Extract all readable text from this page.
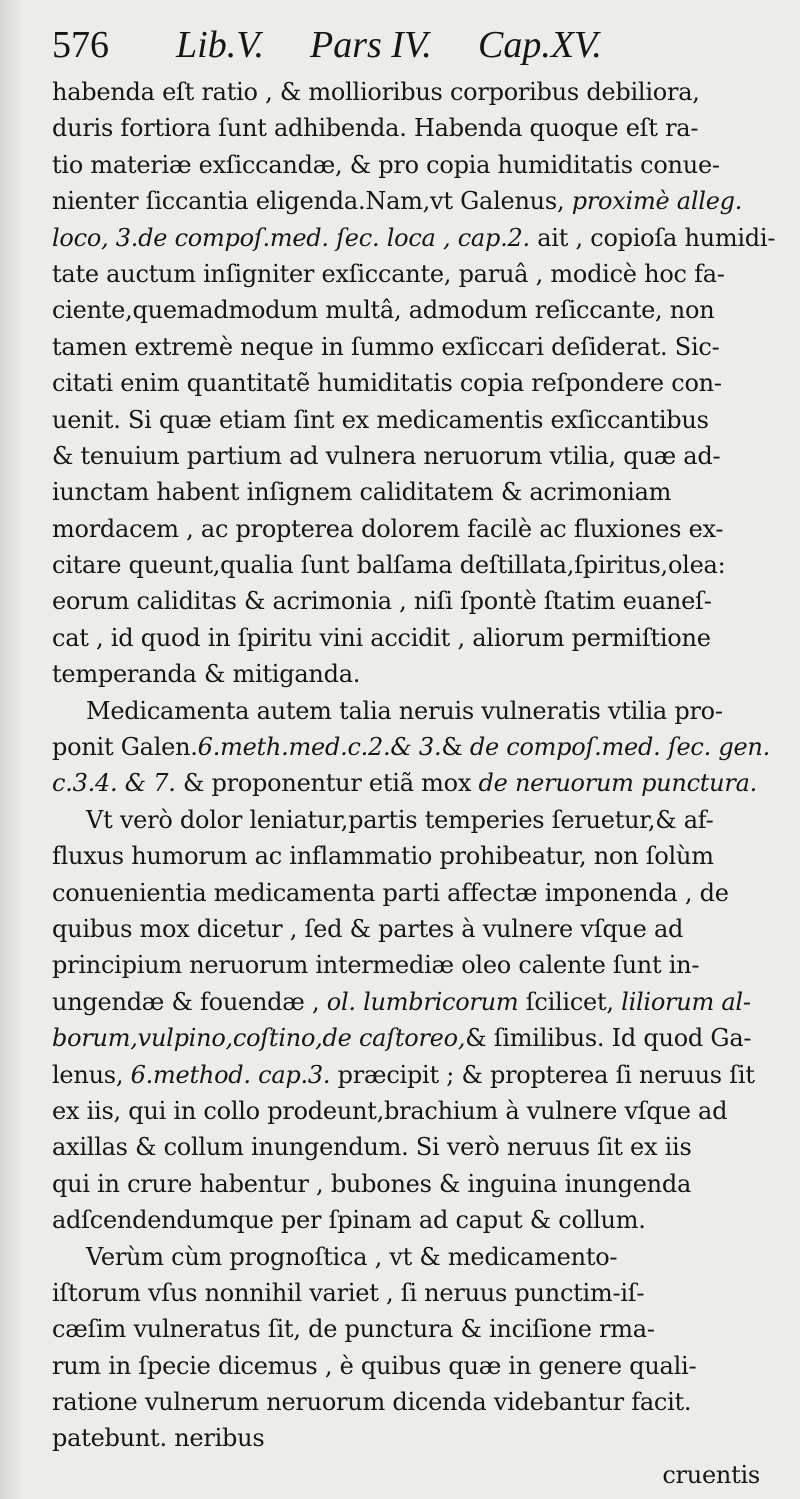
576 Lib.V. Pars IV. Cap.XV.
habenda eſt ratio , & mollioribus corporibus debiliora,
duris fortiora ſunt adhibenda. Habenda quoque eſt ra-
tio materiæ exſiccandæ, & pro copia humiditatis conue-
nienter ſiccantia eligenda.Nam,vt Galenus, proximè alleg.
loco, 3.de compoſ.med. ſec. loca , cap.2. ait , copioſa humidi-
tate auctum inſigniter exſiccante, paruâ , modicè hoc fa-
ciente,quemadmodum multâ, admodum reſiccante, non
tamen extremè neque in ſummo exſiccari deſiderat. Sic-
citati enim quantitatẽ humiditatis copia reſpondere con-
uenit. Si quæ etiam ſint ex medicamentis exſiccantibus
& tenuium partium ad vulnera neruorum vtilia, quæ ad-
iunctam habent inſignem caliditatem & acrimoniam
mordacem , ac propterea dolorem facilè ac fluxiones ex-
citare queunt,qualia ſunt balſama deſtillata,ſpiritus,olea:
eorum caliditas & acrimonia , niſi ſpontè ſtatim euaneſ-
cat , id quod in ſpiritu vini accidit , aliorum permiſtione
temperanda & mitiganda.
Medicamenta autem talia neruis vulneratis vtilia pro-
ponit Galen.6.meth.med.c.2.& 3.& de compoſ.med. ſec. gen.
c.3.4. & 7. & proponentur etiã mox de neruorum punctura.
Vt verò dolor leniatur,partis temperies ſeruetur,& af-
fluxus humorum ac inflammatio prohibeatur, non ſolùm
conuenientia medicamenta parti affectæ imponenda , de
quibus mox dicetur , ſed & partes à vulnere vſque ad
principium neruorum intermediæ oleo calente ſunt in-
ungendæ & fouendæ , ol. lumbricorum ſcilicet, liliorum al-
borum,vulpino,coſtino,de caſtoreo,& ſimilibus. Id quod Ga-
lenus, 6.method. cap.3. præcipit ; & propterea ſi neruus ſit
ex iis, qui in collo prodeunt,brachium à vulnere vſque ad
axillas & collum inungendum. Si verò neruus ſit ex iis
qui in crure habentur , bubones & inguina inungenda
adſcendendumque per ſpinam ad caput & collum.
Verùm cùm prognoſtica , vt & medicamento-
iſtorum vſus nonnihil variet , ſi neruus punctim-iſ-
cæſim vulneratus ſit, de punctura & inciſione rma-
rum in ſpecie dicemus , è quibus quæ in genere quali-
ratione vulnerum neruorum dicenda videbantur facit.
patebunt. neribus
cruentis
